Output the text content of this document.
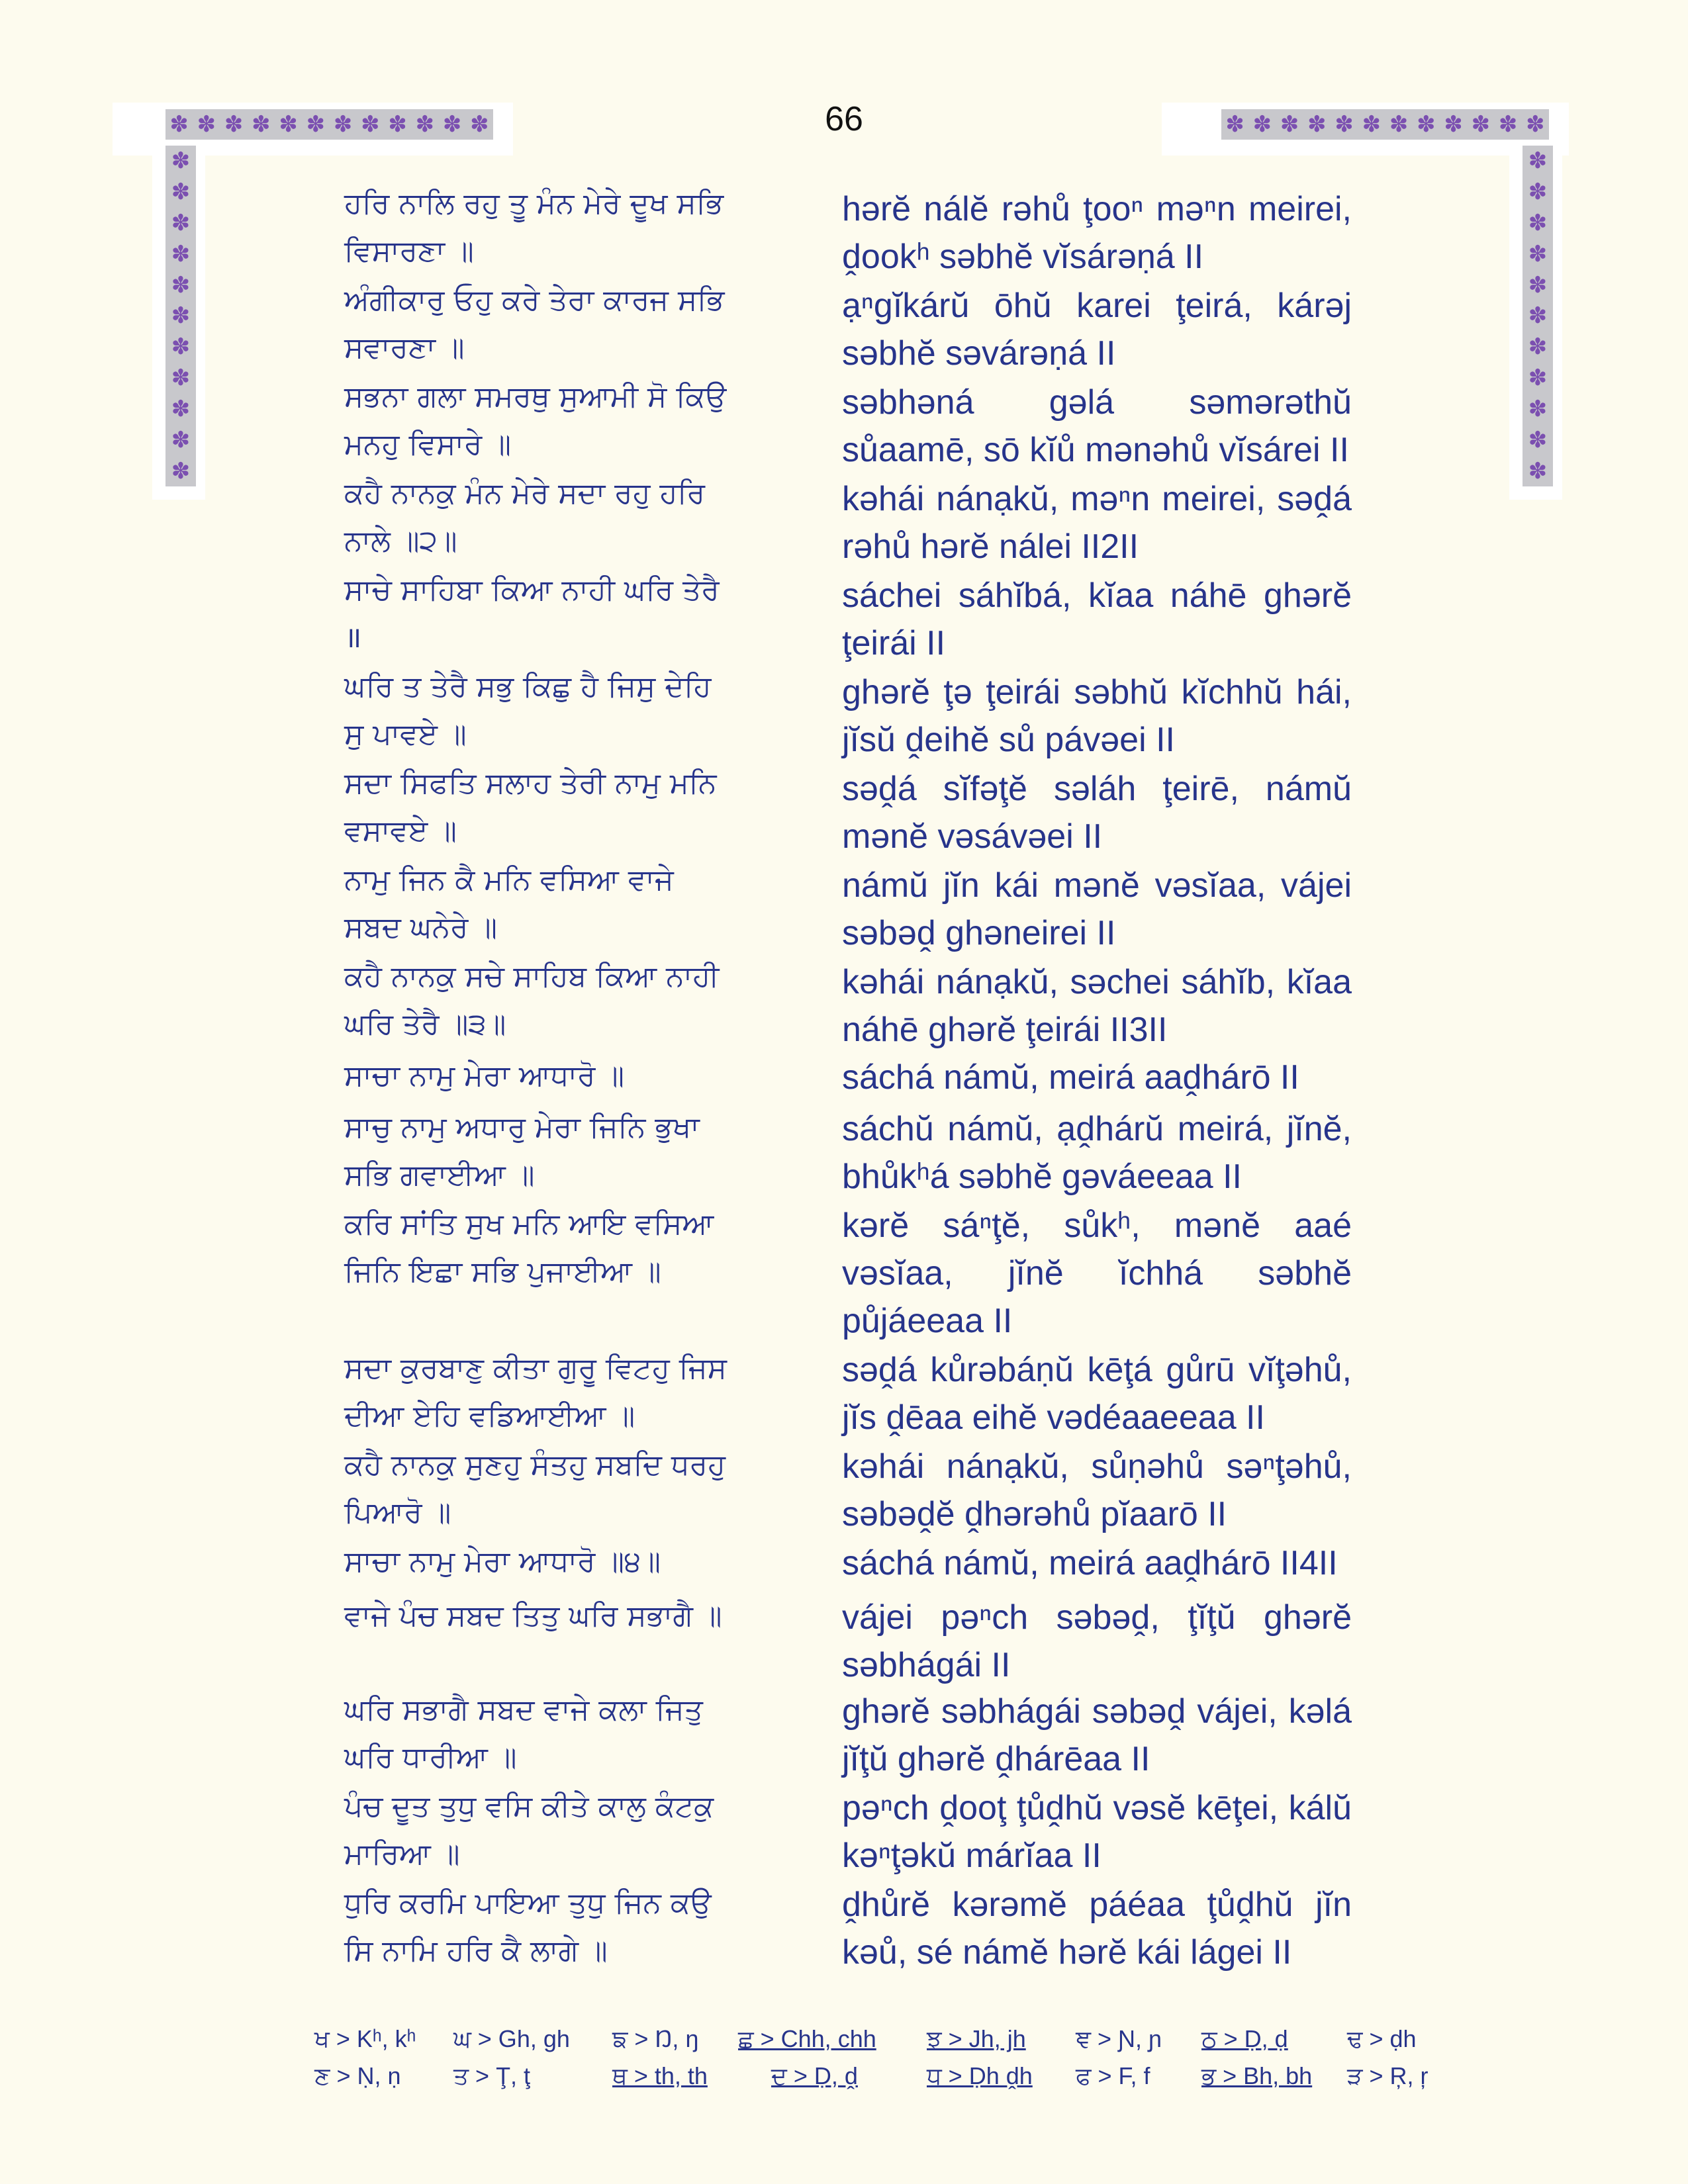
✽ ✽ ✽ ✽ ✽ ✽ ✽ ✽ ✽ ✽ ✽ ✽
✽
✽
✽
✽
✽
✽
✽
✽
✽
✽
✽
✽ ✽ ✽ ✽ ✽ ✽ ✽ ✽ ✽ ✽ ✽ ✽
✽
✽
✽
✽
✽
✽
✽
✽
✽
✽
✽
66

ਹਰਿ ਨਾਲਿ ਰਹੁ ਤੂ ਮੰਨ ਮੇਰੇ ਦੂਖ ਸਭਿ
ਵਿਸਾਰਣਾ ॥

hərĕ nálĕ rəhů ţooⁿ məⁿn meirei, ḓookʰ səbhĕ vĭsárəṇá II

ਅੰਗੀਕਾਰੁ ਓਹੁ ਕਰੇ ਤੇਰਾ ਕਾਰਜ ਸਭਿ
ਸਵਾਰਣਾ ॥

ạⁿgĭkárŭ ōhŭ karei ţeirá, kárəj səbhĕ səvárəṇá II

ਸਭਨਾ ਗਲਾ ਸਮਰਥੁ ਸੁਆਮੀ ਸੋ ਕਿਉ
ਮਨਹੁ ਵਿਸਾਰੇ ॥

səbhəná gəlá səmərəthŭ sůaamē, sō kĭů mənəhů vĭsárei II

ਕਹੈ ਨਾਨਕੁ ਮੰਨ ਮੇਰੇ ਸਦਾ ਰਹੁ ਹਰਿ
ਨਾਲੇ ॥੨॥

kəhái nánạkŭ, məⁿn meirei, səḓá rəhů hərĕ nálei II2II

ਸਾਚੇ ਸਾਹਿਬਾ ਕਿਆ ਨਾਹੀ ਘਰਿ ਤੇਰੈ
॥

sáchei sáhĭbá, kĭaa náhē ghərĕ ţeirái II

ਘਰਿ ਤ ਤੇਰੈ ਸਭੁ ਕਿਛੁ ਹੈ ਜਿਸੁ ਦੇਹਿ
ਸੁ ਪਾਵਏ ॥

ghərĕ ţə ţeirái səbhŭ kĭchhŭ hái, jĭsŭ ḓeihĕ sů pávəei II

ਸਦਾ ਸਿਫਤਿ ਸਲਾਹ ਤੇਰੀ ਨਾਮੁ ਮਨਿ
ਵਸਾਵਏ ॥

səḓá sĭfəţĕ səláh ţeirē, námŭ mənĕ vəsávəei II

ਨਾਮੁ ਜਿਨ ਕੈ ਮਨਿ ਵਸਿਆ ਵਾਜੇ
ਸਬਦ ਘਨੇਰੇ ॥

námŭ jĭn kái mənĕ vəsĭaa, vájei səbəḓ ghəneirei II

ਕਹੈ ਨਾਨਕੁ ਸਚੇ ਸਾਹਿਬ ਕਿਆ ਨਾਹੀ
ਘਰਿ ਤੇਰੈ ॥੩॥

kəhái nánạkŭ, səchei sáhĭb, kĭaa náhē ghərĕ ţeirái II3II

ਸਾਚਾ ਨਾਮੁ ਮੇਰਾ ਆਧਾਰੋ ॥	sáchá námŭ, meirá aaḓhárō II

ਸਾਚੁ ਨਾਮੁ ਅਧਾਰੁ ਮੇਰਾ ਜਿਨਿ ਭੁਖਾ
ਸਭਿ ਗਵਾਈਆ ॥

sáchŭ námŭ, ạḓhárŭ meirá, jĭnĕ, bhůkʰá səbhĕ gəváeeaa II

ਕਰਿ ਸਾਂਤਿ ਸੁਖ ਮਨਿ ਆਇ ਵਸਿਆ
ਜਿਨਿ ਇਛਾ ਸਭਿ ਪੁਜਾਈਆ ॥

kərĕ sáⁿţĕ, sůkʰ, mənĕ aaé vəsĭaa, jĭnĕ ĭchhá səbhĕ půjáeeaa II

ਸਦਾ ਕੁਰਬਾਣੁ ਕੀਤਾ ਗੁਰੂ ਵਿਟਹੁ ਜਿਸ
ਦੀਆ ਏਹਿ ਵਡਿਆਈਆ ॥

səḓá kůrəbáṇŭ kēţá gůrū vĭţəhů, jĭs ḓēaa eihĕ vədéaaeeaa II

ਕਹੈ ਨਾਨਕੁ ਸੁਣਹੁ ਸੰਤਹੁ ਸਬਦਿ ਧਰਹੁ
ਪਿਆਰੋ ॥

kəhái nánạkŭ, sůṇəhů səⁿţəhů, səbəḓĕ ḓhərəhů pĭaarō II

ਸਾਚਾ ਨਾਮੁ ਮੇਰਾ ਆਧਾਰੋ ॥੪॥	sáchá námŭ, meirá aaḓhárō II4II

ਵਾਜੇ ਪੰਚ ਸਬਦ ਤਿਤੁ ਘਰਿ ਸਭਾਗੈ ॥	vájei pəⁿch səbəḓ, ţĭţŭ ghərĕ səbhágái II

ਘਰਿ ਸਭਾਗੈ ਸਬਦ ਵਾਜੇ ਕਲਾ ਜਿਤੁ
ਘਰਿ ਧਾਰੀਆ ॥

ghərĕ səbhágái səbəḓ vájei, kəlá jĭţŭ ghərĕ ḓhárēaa II

ਪੰਚ ਦੂਤ ਤੁਧੁ ਵਸਿ ਕੀਤੇ ਕਾਲੁ ਕੰਟਕੁ
ਮਾਰਿਆ ॥

pəⁿch ḓooţ ţůḓhŭ vəsĕ kēţei, kálŭ kəⁿţəkŭ márĭaa II

ਧੁਰਿ ਕਰਮਿ ਪਾਇਆ ਤੁਧੁ ਜਿਨ ਕਉ
ਸਿ ਨਾਮਿ ਹਰਿ ਕੈ ਲਾਗੇ ॥

ḓhůrĕ kərəmĕ páéaa ţůḓhŭ jĭn kəů, sé námĕ hərĕ kái lágei II

ਖ > Kʰ, kʰ ਘ > Gh, gh ਙ > Ŋ, ŋ ਛ > Chh, chh ਝ > Jh, jh ਞ > Ɲ, ɲ ਠ > Ḍ, ḍ ਢ > ḍh
ਣ > Ṇ, ṇ ਤ > Ţ, ţ	ਥ > th, th	ਦ > Ḍ, ḓ	ਧ > Ḍh ḓh ਫ > F, f ਭ > Bh, bh ੜ > Ŗ, ŗ
